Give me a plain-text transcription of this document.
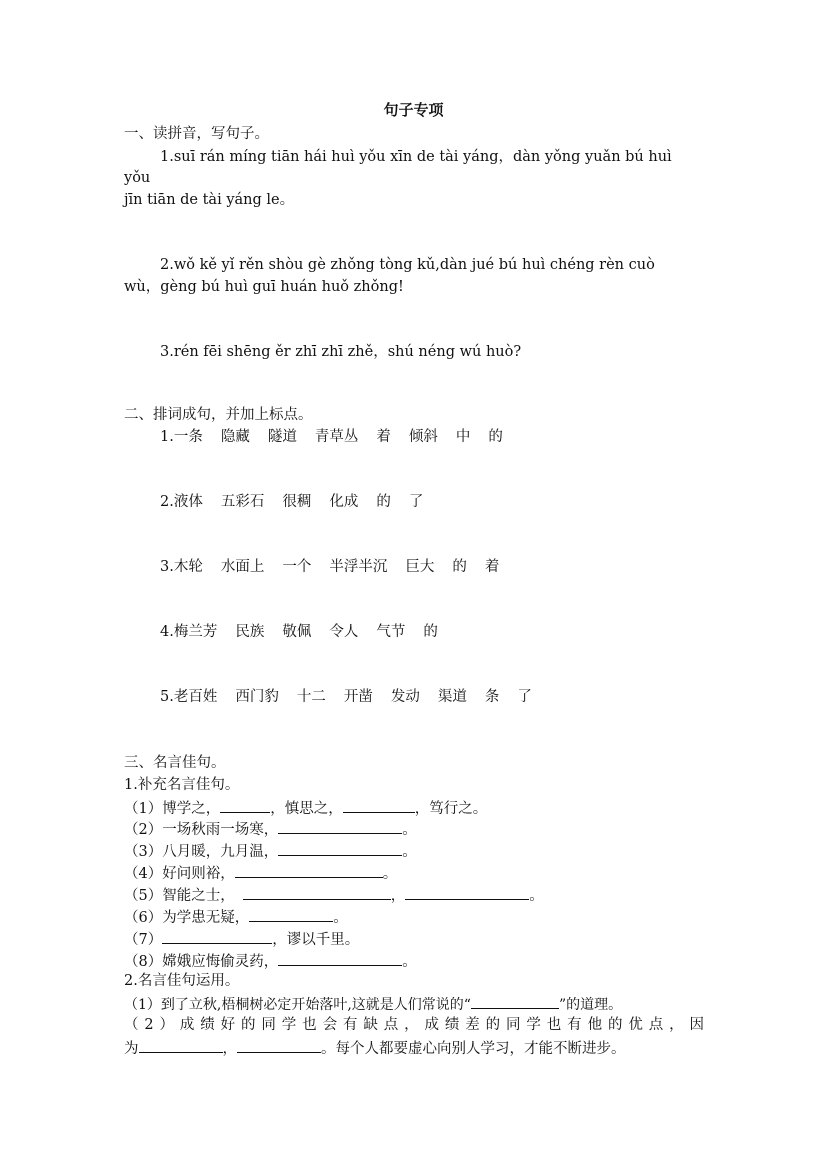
句子专项
一、读拼音，写句子。
1.suī rán míng tiān hái huì yǒu xīn de tài yáng，dàn yǒng yuǎn bú huì
yǒu
jīn tiān de tài yáng le。
2.wǒ kě yǐ rěn shòu gè zhǒng tòng kǔ,dàn jué bú huì chéng rèn cuò
wù，gèng bú huì guī huán huǒ zhǒng!
3.rén fēi shēng ěr zhī zhī zhě，shú néng wú huò?
二、排词成句，并加上标点。
1.一条 隐藏 隧道 青草丛 着 倾斜 中 的
2.液体 五彩石 很稠 化成 的 了
3.木轮 水面上 一个 半浮半沉 巨大 的 着
4.梅兰芳 民族 敬佩 令人 气节 的
5.老百姓 西门豹 十二 开凿 发动 渠道 条 了
三、名言佳句。
1.补充名言佳句。
（1）博学之，	，慎思之，	，笃行之。
（2）一场秋雨一场寒，	。
（3）八月暖，九月温，	。
（4）好问则裕，	。
（5）智能之士，	，	。
（6）为学患无疑，	。
（7）	，谬以千里。
（8）嫦娥应悔偷灵药，	。
2.名言佳句运用。
（1）到了立秋,梧桐树必定开始落叶,这就是人们常说的“	”的道理。
（2）成绩好的同学也会有缺点，成绩差的同学也有他的优点，因
为	，	。每个人都要虚心向别人学习，才能不断进步。
